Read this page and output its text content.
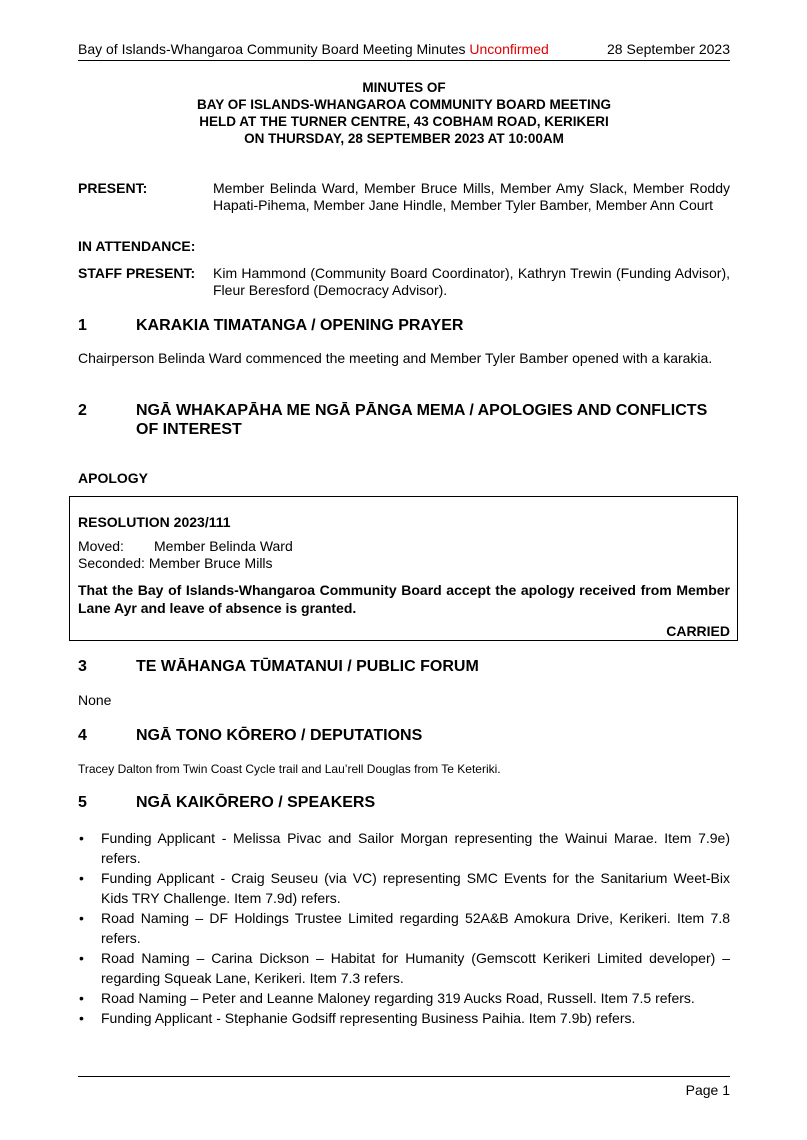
Bay of Islands-Whangaroa Community Board Meeting Minutes Unconfirmed	28 September 2023
MINUTES OF
BAY OF ISLANDS-WHANGAROA COMMUNITY BOARD MEETING
HELD AT THE TURNER CENTRE, 43 COBHAM ROAD, KERIKERI
ON THURSDAY, 28 SEPTEMBER 2023 AT 10:00AM
PRESENT:	Member Belinda Ward, Member Bruce Mills, Member Amy Slack, Member Roddy Hapati-Pihema, Member Jane Hindle, Member Tyler Bamber, Member Ann Court
IN ATTENDANCE:
STAFF PRESENT: Kim Hammond (Community Board Coordinator), Kathryn Trewin (Funding Advisor), Fleur Beresford (Democracy Advisor).
1	KARAKIA TIMATANGA / OPENING PRAYER
Chairperson Belinda Ward commenced the meeting and Member Tyler Bamber opened with a karakia.
2	NGĀ WHAKAPĀHA ME NGĀ PĀNGA MEMA / APOLOGIES AND CONFLICTS OF INTEREST
APOLOGY
RESOLUTION 2023/111
Moved: Member Belinda Ward
Seconded: Member Bruce Mills
That the Bay of Islands-Whangaroa Community Board accept the apology received from Member Lane Ayr and leave of absence is granted.
CARRIED
3	TE WĀHANGA TŪMATANUI / PUBLIC FORUM
None
4	NGĀ TONO KŌRERO / DEPUTATIONS
Tracey Dalton from Twin Coast Cycle trail and Lau’rell Douglas from Te Keteriki.
5	NGĀ KAIKŌRERO / SPEAKERS
• Funding Applicant - Melissa Pivac and Sailor Morgan representing the Wainui Marae. Item 7.9e) refers.
• Funding Applicant - Craig Seuseu (via VC) representing SMC Events for the Sanitarium Weet-Bix Kids TRY Challenge. Item 7.9d) refers.
• Road Naming – DF Holdings Trustee Limited regarding 52A&B Amokura Drive, Kerikeri. Item 7.8 refers.
• Road Naming – Carina Dickson – Habitat for Humanity (Gemscott Kerikeri Limited developer) – regarding Squeak Lane, Kerikeri. Item 7.3 refers.
• Road Naming – Peter and Leanne Maloney regarding 319 Aucks Road, Russell. Item 7.5 refers.
• Funding Applicant - Stephanie Godsiff representing Business Paihia. Item 7.9b) refers.
Page 1
